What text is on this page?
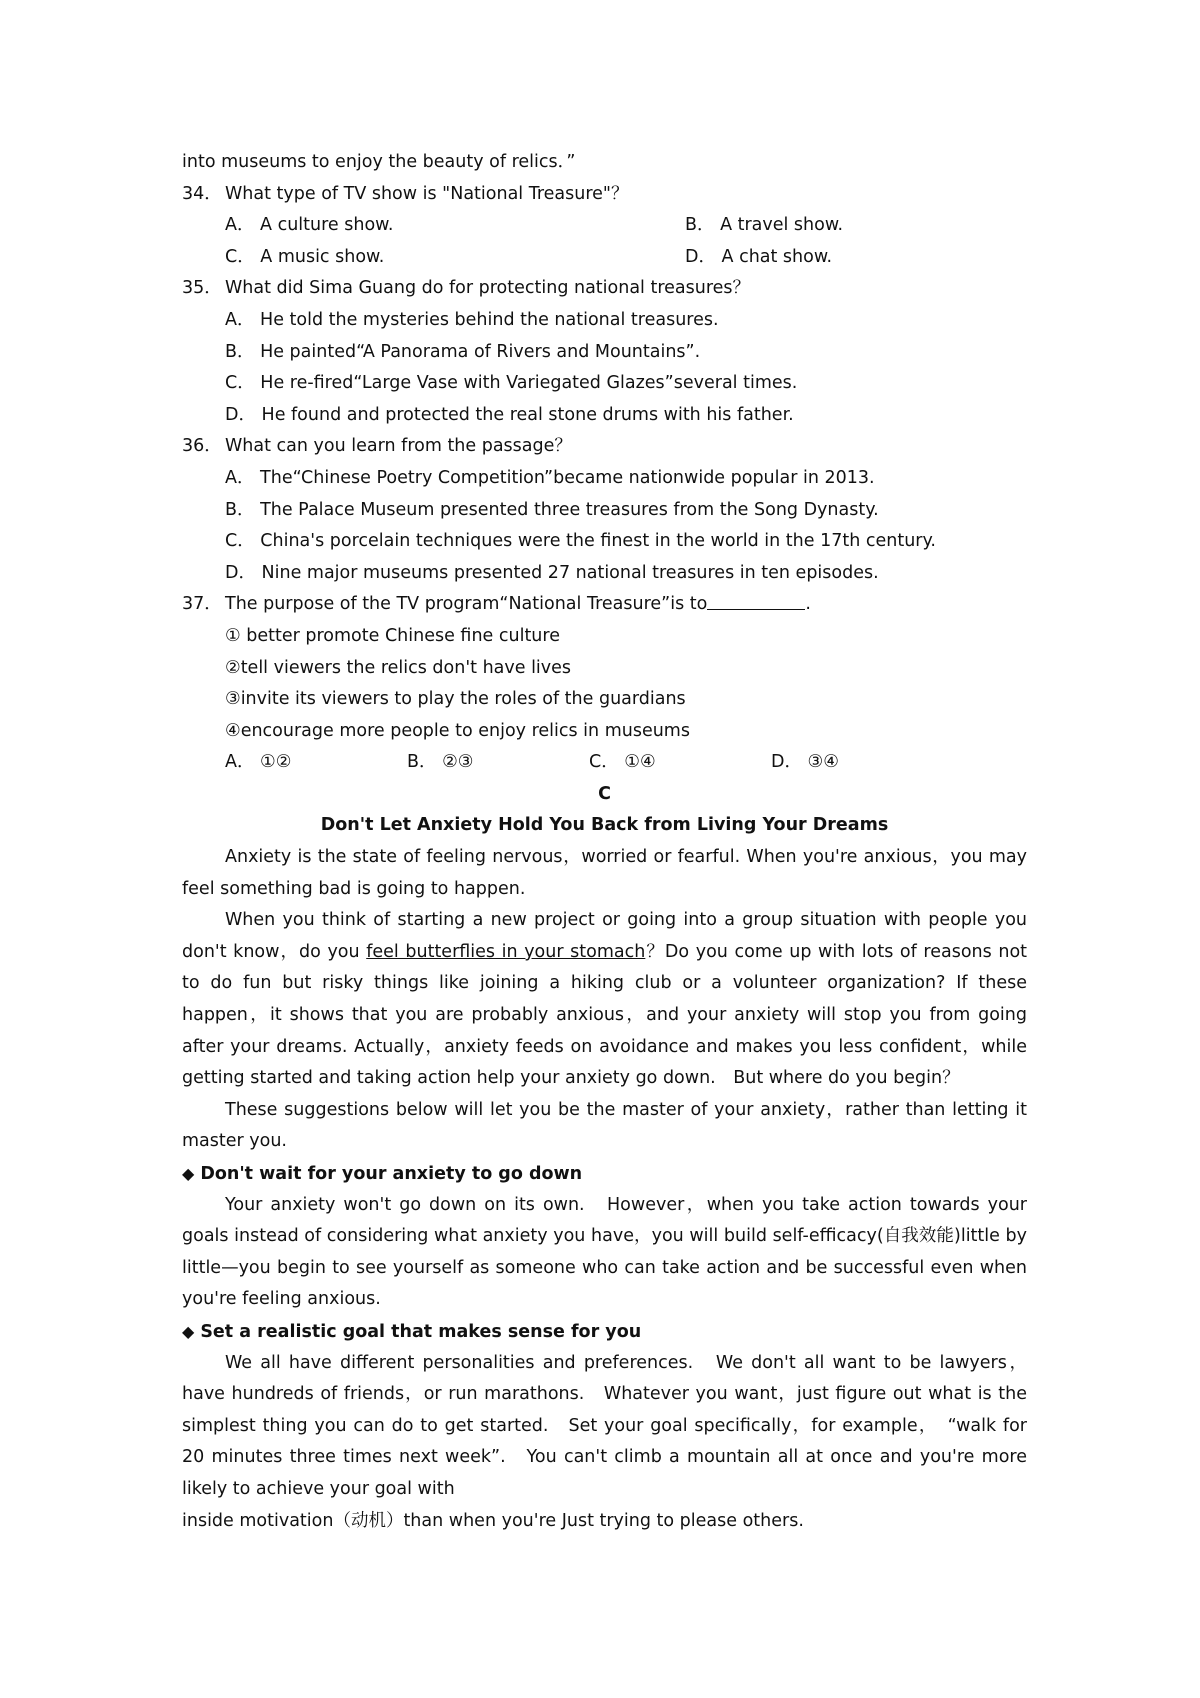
into museums to enjoy the beauty of relics．”
34． What type of TV show is "National Treasure"？
A． A culture show.	B． A travel show.
C． A music show.	D． A chat show.
35． What did Sima Guang do for protecting national treasures？
A． He told the mysteries behind the national treasures.
B． He painted“A Panorama of Rivers and Mountains”.
C． He re-fired“Large Vase with Variegated Glazes”several times.
D． He found and protected the real stone drums with his father.
36． What can you learn from the passage？
A． The“Chinese Poetry Competition”became nationwide popular in 2013.
B． The Palace Museum presented three treasures from the Song Dynasty.
C． China's porcelain techniques were the finest in the world in the 17th century.
D． Nine major museums presented 27 national treasures in ten episodes.
37． The purpose of the TV program“National Treasure”is to	.
① better promote Chinese fine culture
②tell viewers the relics don't have lives
③invite its viewers to play the roles of the guardians
④encourage more people to enjoy relics in museums
A． ①②	B． ②③	C． ①④	D． ③④
C
Don't Let Anxiety Hold You Back from Living Your Dreams
Anxiety is the state of feeling nervous，worried or fearful. When you're anxious，you may feel something bad is going to happen.
When you think of starting a new project or going into a group situation with people you don't know，do you feel butterflies in your stomach？Do you come up with lots of reasons not to do fun but risky things like joining a hiking club or a volunteer organization? If these happen，it shows that you are probably anxious，and your anxiety will stop you from going after your dreams. Actually，anxiety feeds on avoidance and makes you less confident，while getting started and taking action help your anxiety go down.　But where do you begin？
These suggestions below will let you be the master of your anxiety，rather than letting it master you.
◆ Don't wait for your anxiety to go down
Your anxiety won't go down on its own.　However，when you take action towards your goals instead of considering what anxiety you have，you will build self-efficacy(自我效能)little by little—you begin to see yourself as someone who can take action and be successful even when you're feeling anxious.
◆ Set a realistic goal that makes sense for you
We all have different personalities and preferences.　We don't all want to be lawyers，have hundreds of friends，or run marathons.　Whatever you want，just figure out what is the simplest thing you can do to get started.　Set your goal specifically，for example，　“walk for 20 minutes three times next week”.　You can't climb a mountain all at once and you're more likely to achieve your goal with
inside motivation（动机）than when you're Just trying to please others.
